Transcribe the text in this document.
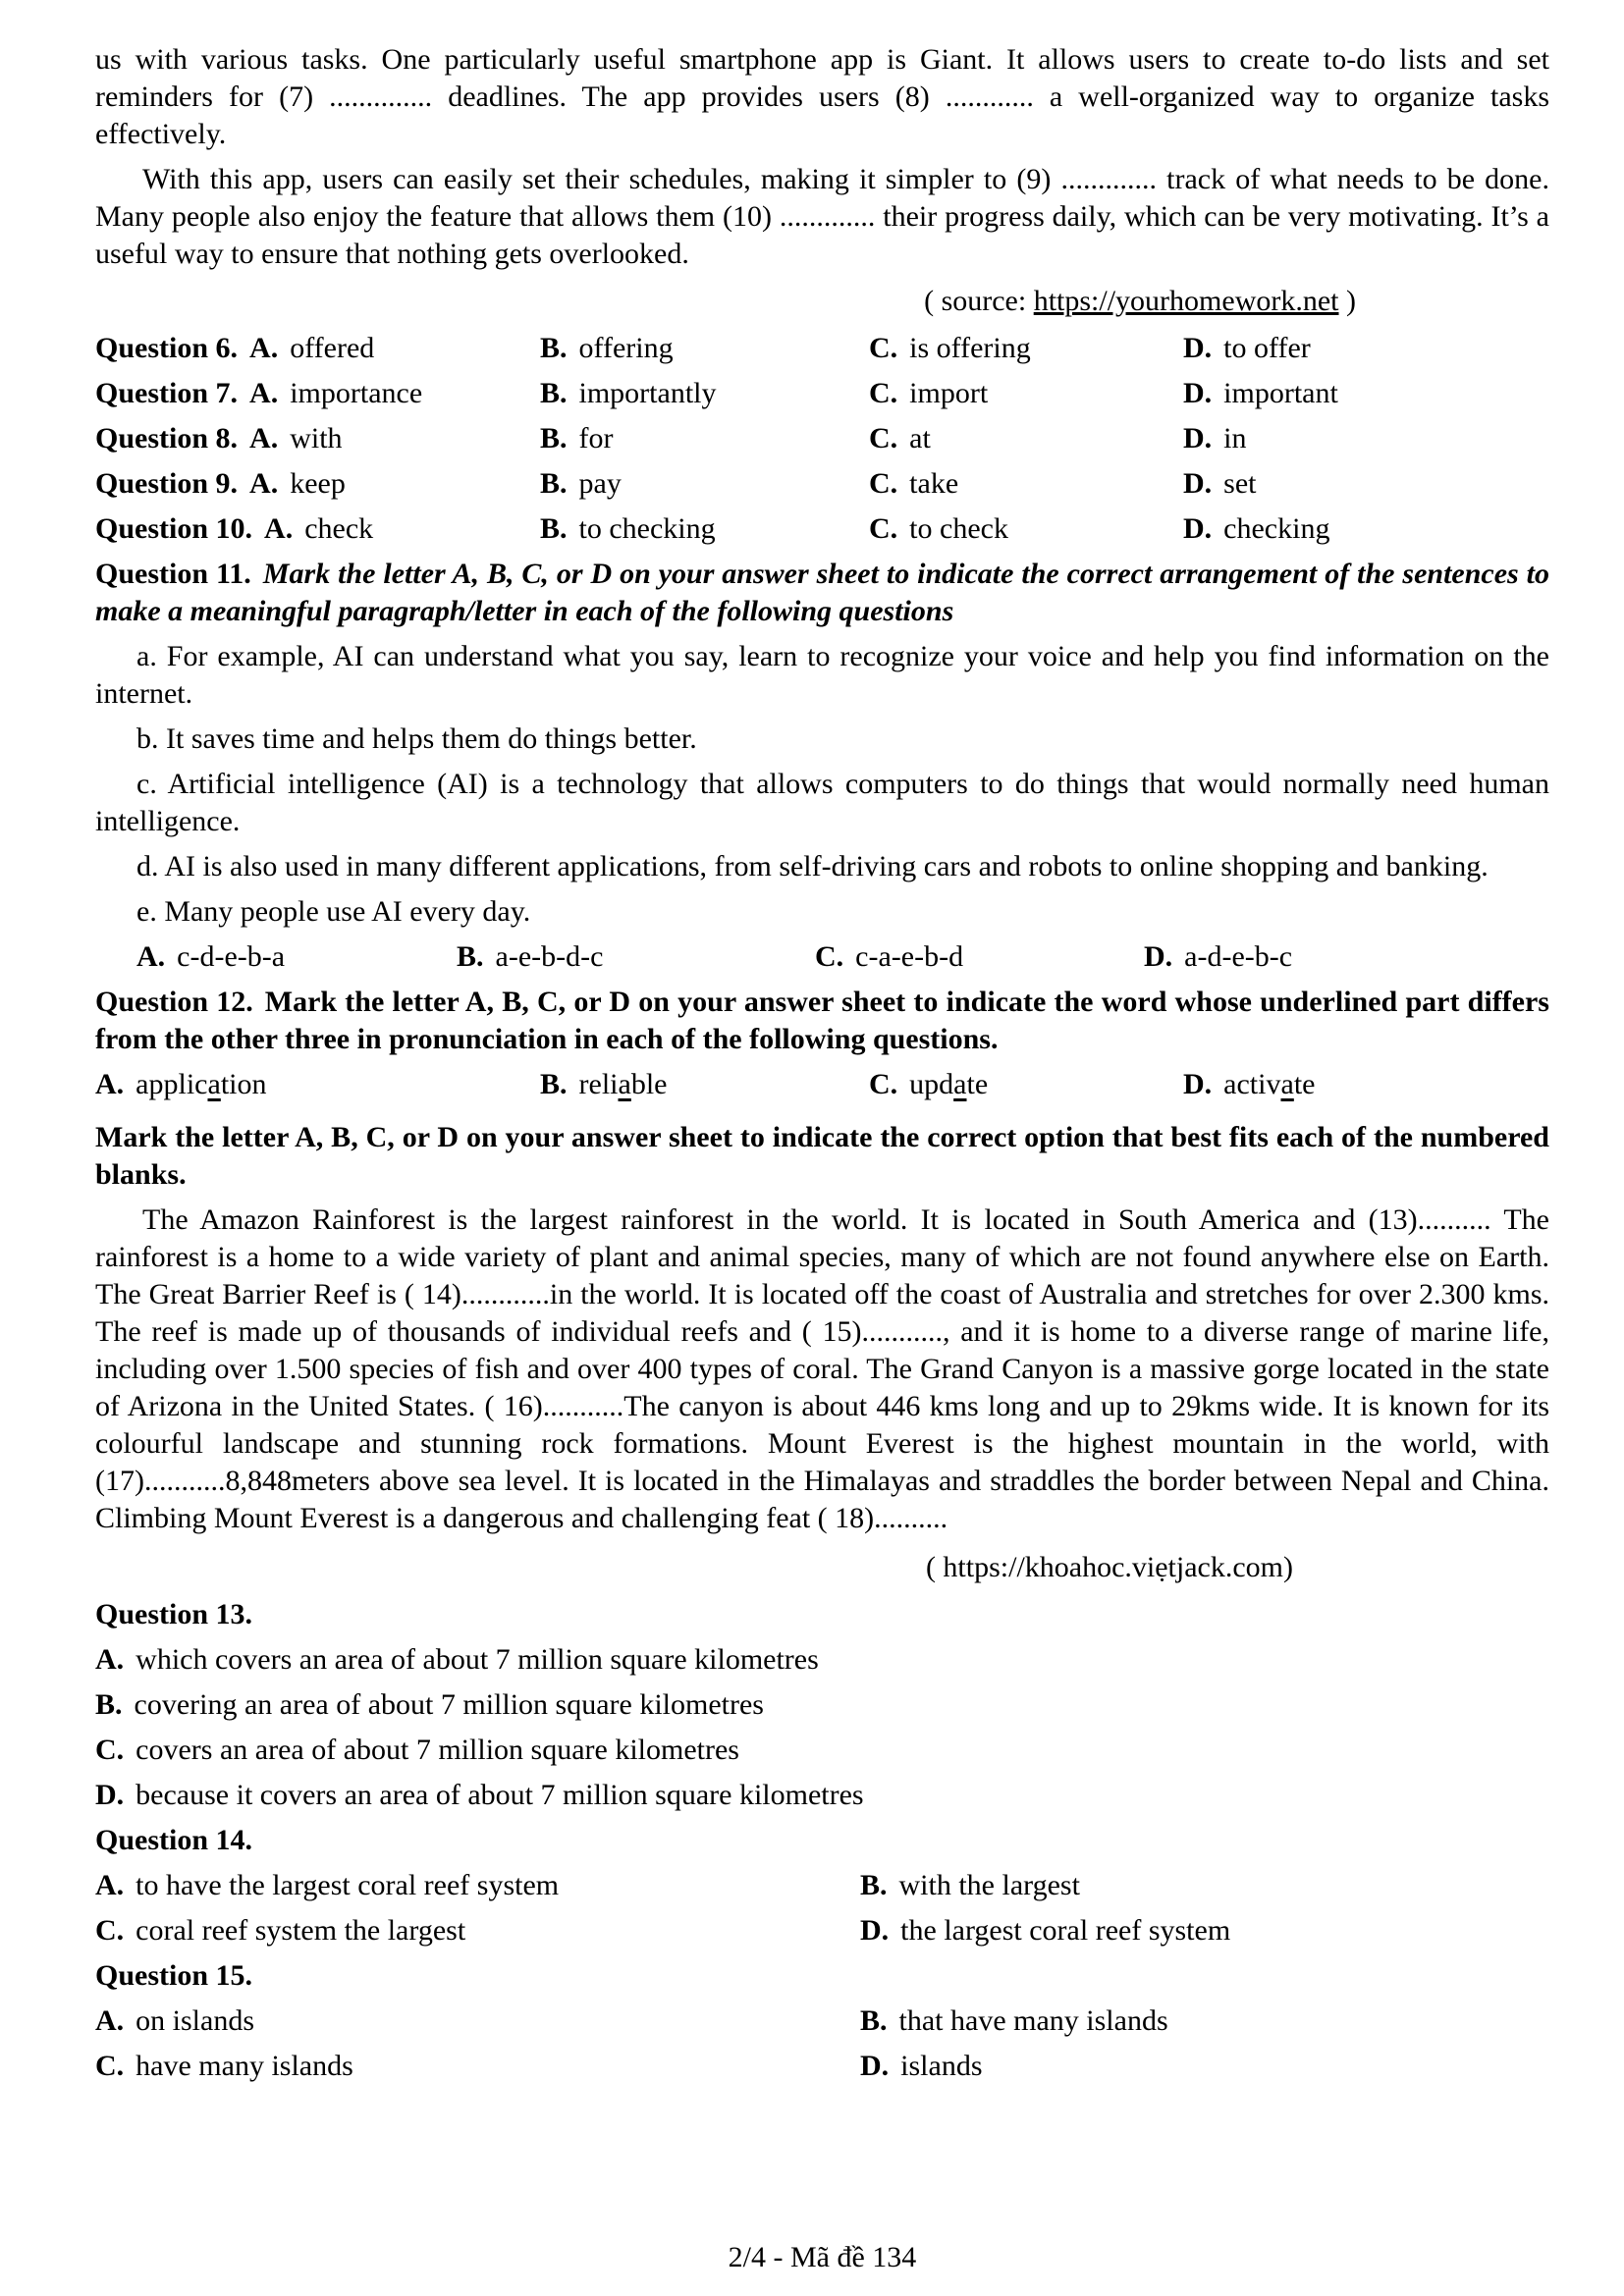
us with various tasks. One particularly useful smartphone app is Giant. It allows users to create to-do lists and set reminders for (7) .............. deadlines. The app provides users (8) ............ a well-organized way to organize tasks effectively.

With this app, users can easily set their schedules, making it simpler to (9) ............. track of what needs to be done. Many people also enjoy the feature that allows them (10) ............. their progress daily, which can be very motivating. It’s a useful way to ensure that nothing gets overlooked.

( source: https://yourhomework.net )

Question 6. A. offered	B. offering	C. is offering	D. to offer
Question 7. A. importance	B. importantly	C. import	D. important
Question 8. A. with	B. for	C. at	D. in
Question 9. A. keep	B. pay	C. take	D. set
Question 10. A. check	B. to checking	C. to check	D. checking

Question 11. Mark the letter A, B, C, or D on your answer sheet to indicate the correct arrangement of the sentences to make a meaningful paragraph/letter in each of the following questions

a. For example, AI can understand what you say, learn to recognize your voice and help you find information on the internet.

b. It saves time and helps them do things better.

c. Artificial intelligence (AI) is a technology that allows computers to do things that would normally need human intelligence.

d. AI is also used in many different applications, from self-driving cars and robots to online shopping and banking.

e. Many people use AI every day.

A. c-d-e-b-a	B. a-e-b-d-c	C. c-a-e-b-d	D. a-d-e-b-c

Question 12. Mark the letter A, B, C, or D on your answer sheet to indicate the word whose underlined part differs from the other three in pronunciation in each of the following questions.

A. application	B. reliable	C. update	D. activate

Mark the letter A, B, C, or D on your answer sheet to indicate the correct option that best fits each of the numbered blanks.

The Amazon Rainforest is the largest rainforest in the world. It is located in South America and (13).......... The rainforest is a home to a wide variety of plant and animal species, many of which are not found anywhere else on Earth. The Great Barrier Reef is ( 14)............in the world. It is located off the coast of Australia and stretches for over 2.300 kms. The reef is made up of thousands of individual reefs and ( 15)..........., and it is home to a diverse range of marine life, including over 1.500 species of fish and over 400 types of coral. The Grand Canyon is a massive gorge located in the state of Arizona in the United States. ( 16)...........The canyon is about 446 kms long and up to 29kms wide. It is known for its colourful landscape and stunning rock formations. Mount Everest is the highest mountain in the world, with (17)...........8,848meters above sea level. It is located in the Himalayas and straddles the border between Nepal and China. Climbing Mount Everest is a dangerous and challenging feat ( 18)..........

( https://khoahoc.viẹtjack.com)

Question 13.

A. which covers an area of about 7 million square kilometres

B. covering an area of about 7 million square kilometres

C. covers an area of about 7 million square kilometres

D. because it covers an area of about 7 million square kilometres

Question 14.

A. to have the largest coral reef system	B. with the largest
C. coral reef system the largest	D. the largest coral reef system

Question 15.

A. on islands	B. that have many islands
C. have many islands	D. islands
2/4 - Mã đề 134
